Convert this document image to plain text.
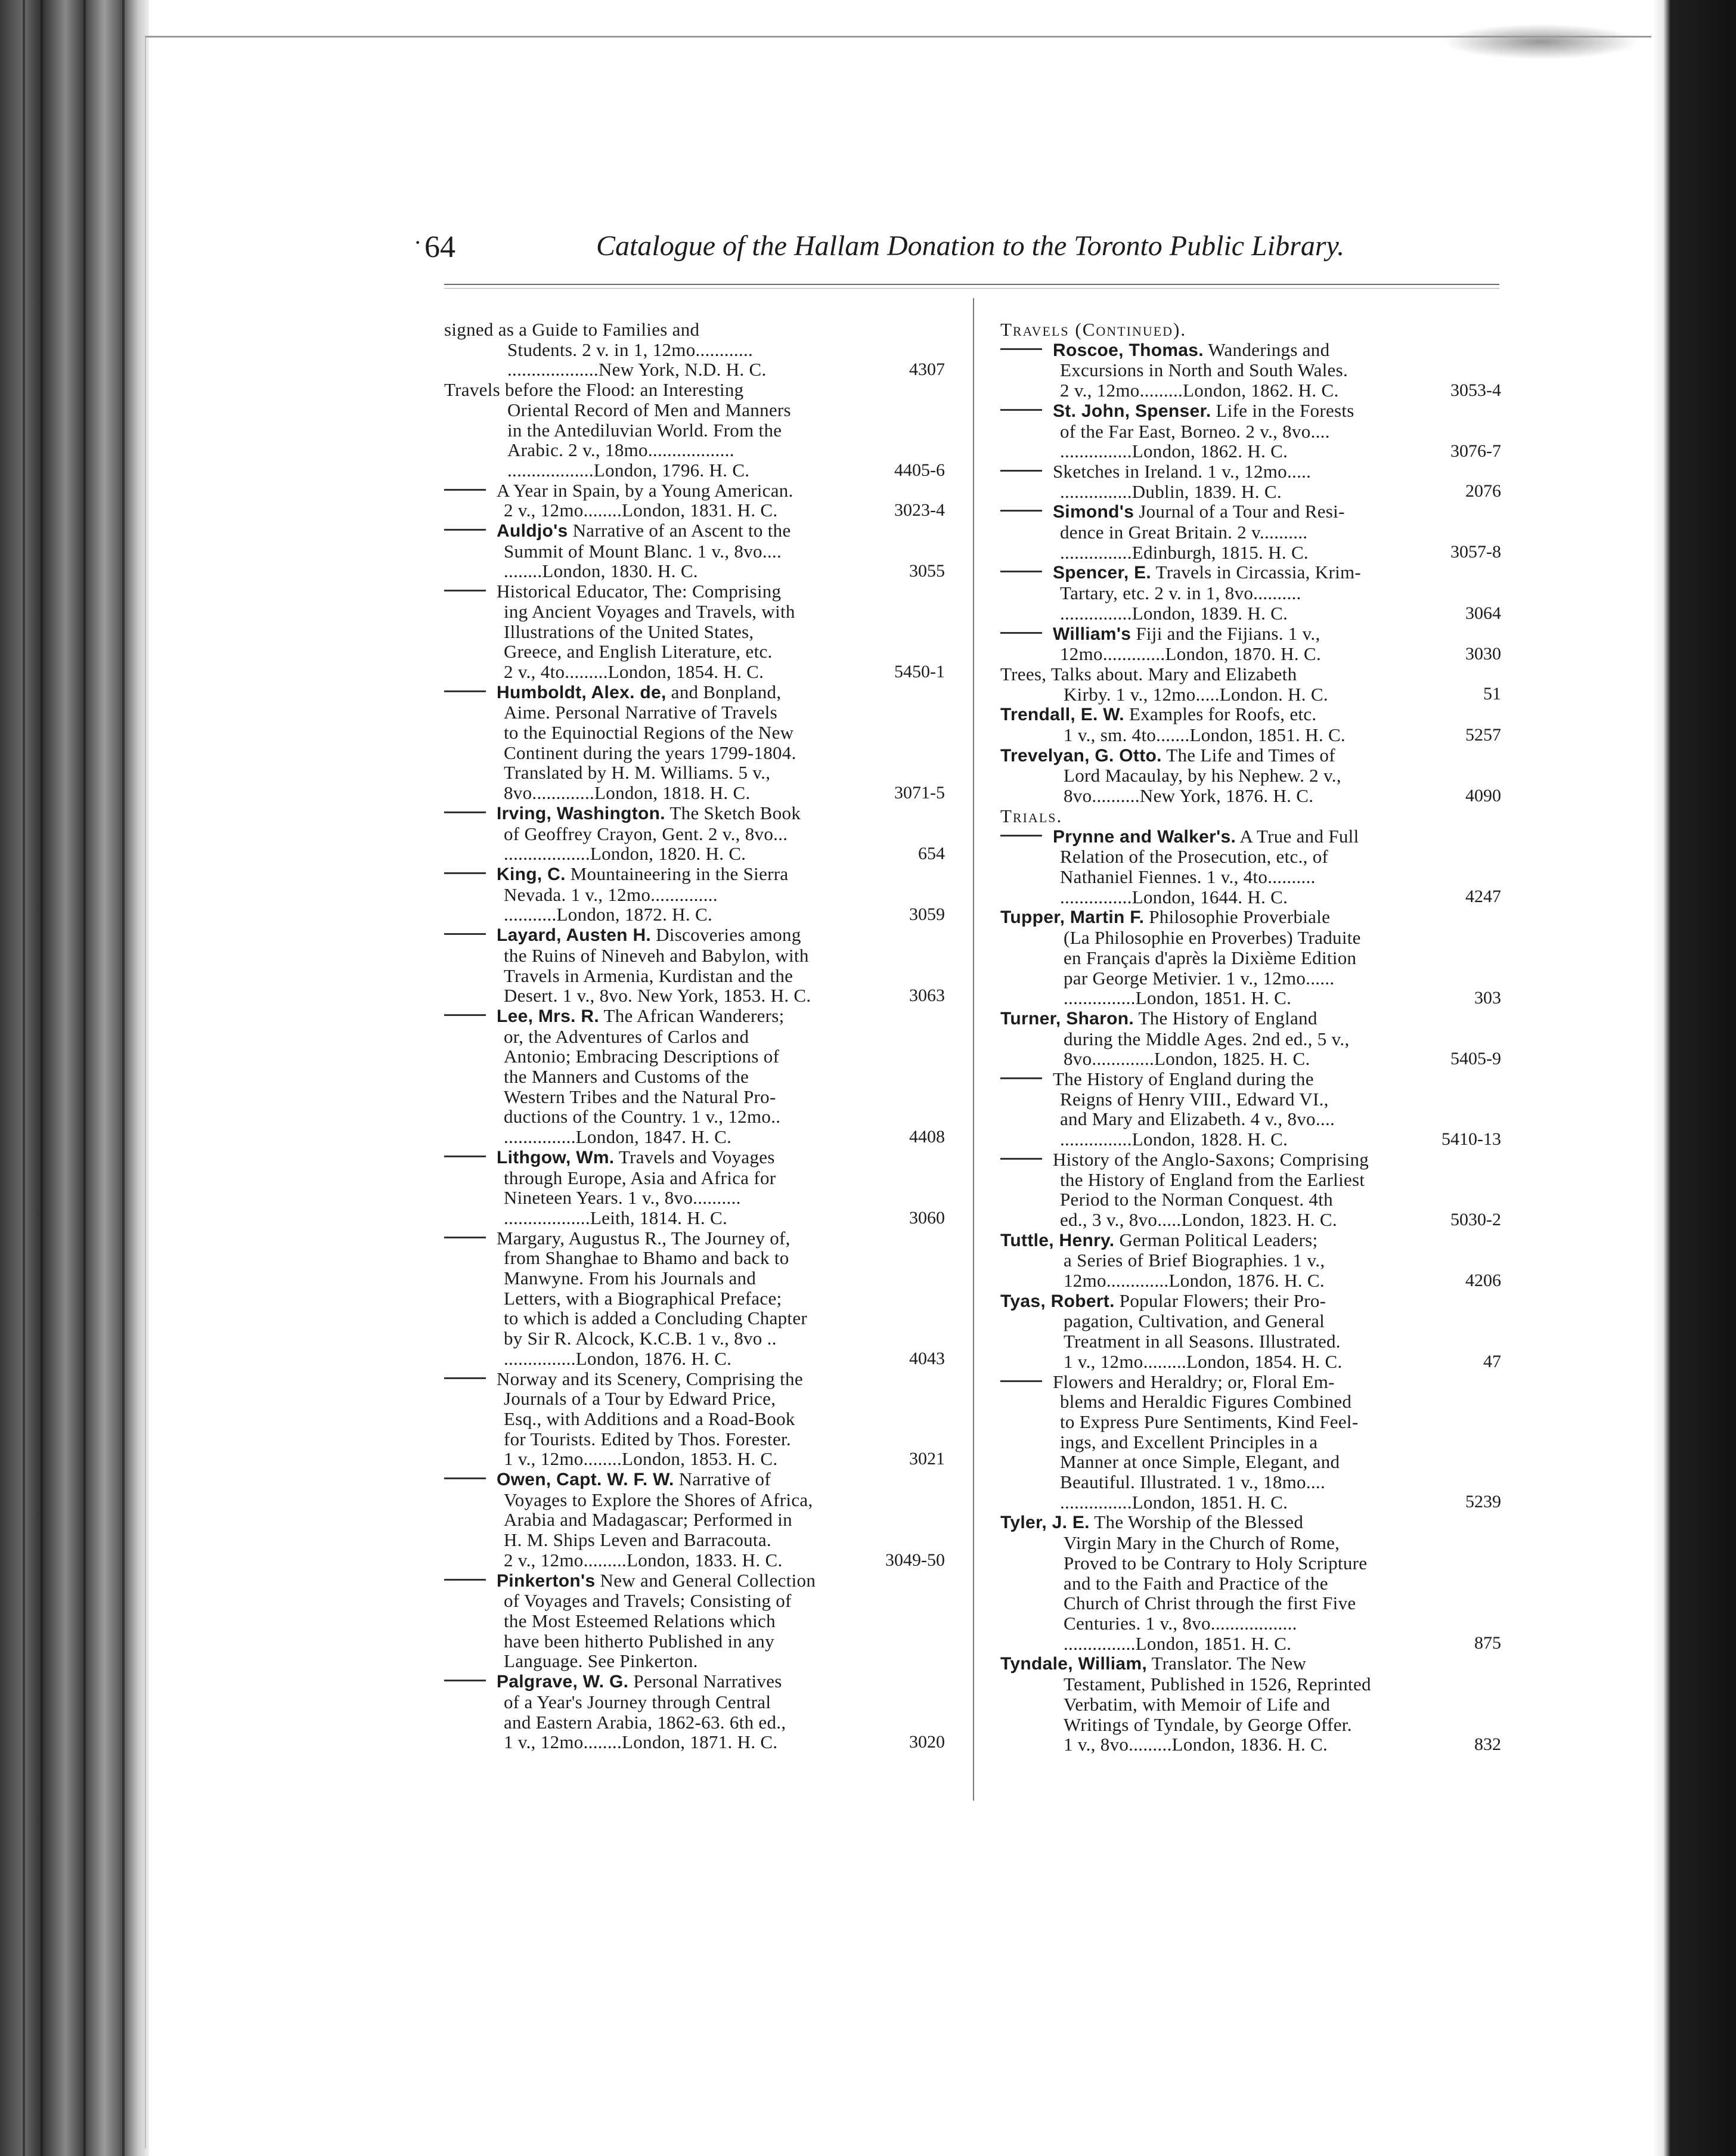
· 64	Catalogue of the Hallam Donation to the Toronto Public Library.
signed as a Guide to Families and
Students. 2 v. in 1, 12mo............
...................New York, N.D. H. C.	4307
Travels before the Flood: an Interesting
Oriental Record of Men and Manners
in the Antediluvian World. From the
Arabic. 2 v., 18mo..................
..................London, 1796. H. C.	4405-6
A Year in Spain, by a Young American.
2 v., 12mo........London, 1831. H. C.	3023-4
Auldjo's Narrative of an Ascent to the
Summit of Mount Blanc. 1 v., 8vo....
........London, 1830. H. C.	3055
Historical Educator, The: Comprising
ing Ancient Voyages and Travels, with
Illustrations of the United States,
Greece, and English Literature, etc.
2 v., 4to.........London, 1854. H. C.	5450-1
Humboldt, Alex. de, and Bonpland,
Aime. Personal Narrative of Travels
to the Equinoctial Regions of the New
Continent during the years 1799-1804.
Translated by H. M. Williams. 5 v.,
8vo.............London, 1818. H. C.	3071-5
Irving, Washington. The Sketch Book
of Geoffrey Crayon, Gent. 2 v., 8vo...
..................London, 1820. H. C.	654
King, C. Mountaineering in the Sierra
Nevada. 1 v., 12mo..............
...........London, 1872. H. C.	3059
Layard, Austen H. Discoveries among
the Ruins of Nineveh and Babylon, with
Travels in Armenia, Kurdistan and the
Desert. 1 v., 8vo. New York, 1853. H. C.	3063
Lee, Mrs. R. The African Wanderers;
or, the Adventures of Carlos and
Antonio; Embracing Descriptions of
the Manners and Customs of the
Western Tribes and the Natural Pro-
ductions of the Country. 1 v., 12mo..
...............London, 1847. H. C.	4408
Lithgow, Wm. Travels and Voyages
through Europe, Asia and Africa for
Nineteen Years. 1 v., 8vo..........
..................Leith, 1814. H. C.	3060
Margary, Augustus R., The Journey of,
from Shanghae to Bhamo and back to
Manwyne. From his Journals and
Letters, with a Biographical Preface;
to which is added a Concluding Chapter
by Sir R. Alcock, K.C.B. 1 v., 8vo ..
...............London, 1876. H. C.	4043
Norway and its Scenery, Comprising the
Journals of a Tour by Edward Price,
Esq., with Additions and a Road-Book
for Tourists. Edited by Thos. Forester.
1 v., 12mo........London, 1853. H. C.	3021
Owen, Capt. W. F. W. Narrative of
Voyages to Explore the Shores of Africa,
Arabia and Madagascar; Performed in
H. M. Ships Leven and Barracouta.
2 v., 12mo.........London, 1833. H. C.	3049-50
Pinkerton's New and General Collection
of Voyages and Travels; Consisting of
the Most Esteemed Relations which
have been hitherto Published in any
Language. See Pinkerton.
Palgrave, W. G. Personal Narratives
of a Year's Journey through Central
and Eastern Arabia, 1862-63. 6th ed.,
1 v., 12mo........London, 1871. H. C.	3020
Travels (Continued).
Roscoe, Thomas. Wanderings and
Excursions in North and South Wales.
2 v., 12mo.........London, 1862. H. C.	3053-4
St. John, Spenser. Life in the Forests
of the Far East, Borneo. 2 v., 8vo....
...............London, 1862. H. C.	3076-7
Sketches in Ireland. 1 v., 12mo.....
...............Dublin, 1839. H. C.	2076
Simond's Journal of a Tour and Resi-
dence in Great Britain. 2 v..........
...............Edinburgh, 1815. H. C.	3057-8
Spencer, E. Travels in Circassia, Krim-
Tartary, etc. 2 v. in 1, 8vo..........
...............London, 1839. H. C.	3064
William's Fiji and the Fijians. 1 v.,
12mo.............London, 1870. H. C.	3030
Trees, Talks about. Mary and Elizabeth
Kirby. 1 v., 12mo.....London. H. C.	51
Trendall, E. W. Examples for Roofs, etc.
1 v., sm. 4to.......London, 1851. H. C.	5257
Trevelyan, G. Otto. The Life and Times of
Lord Macaulay, by his Nephew. 2 v.,
8vo..........New York, 1876. H. C.	4090
Trials.
Prynne and Walker's. A True and Full
Relation of the Prosecution, etc., of
Nathaniel Fiennes. 1 v., 4to..........
...............London, 1644. H. C.	4247
Tupper, Martin F. Philosophie Proverbiale
(La Philosophie en Proverbes) Traduite
en Français d'après la Dixième Edition
par George Metivier. 1 v., 12mo......
...............London, 1851. H. C.	303
Turner, Sharon. The History of England
during the Middle Ages. 2nd ed., 5 v.,
8vo.............London, 1825. H. C.	5405-9
The History of England during the
Reigns of Henry VIII., Edward VI.,
and Mary and Elizabeth. 4 v., 8vo....
...............London, 1828. H. C.	5410-13
History of the Anglo-Saxons; Comprising
the History of England from the Earliest
Period to the Norman Conquest. 4th
ed., 3 v., 8vo.....London, 1823. H. C.	5030-2
Tuttle, Henry. German Political Leaders;
a Series of Brief Biographies. 1 v.,
12mo.............London, 1876. H. C.	4206
Tyas, Robert. Popular Flowers; their Pro-
pagation, Cultivation, and General
Treatment in all Seasons. Illustrated.
1 v., 12mo.........London, 1854. H. C.	47
Flowers and Heraldry; or, Floral Em-
blems and Heraldic Figures Combined
to Express Pure Sentiments, Kind Feel-
ings, and Excellent Principles in a
Manner at once Simple, Elegant, and
Beautiful. Illustrated. 1 v., 18mo....
...............London, 1851. H. C.	5239
Tyler, J. E. The Worship of the Blessed
Virgin Mary in the Church of Rome,
Proved to be Contrary to Holy Scripture
and to the Faith and Practice of the
Church of Christ through the first Five
Centuries. 1 v., 8vo..................
...............London, 1851. H. C.	875
Tyndale, William, Translator. The New
Testament, Published in 1526, Reprinted
Verbatim, with Memoir of Life and
Writings of Tyndale, by George Offer.
1 v., 8vo.........London, 1836. H. C.	832
